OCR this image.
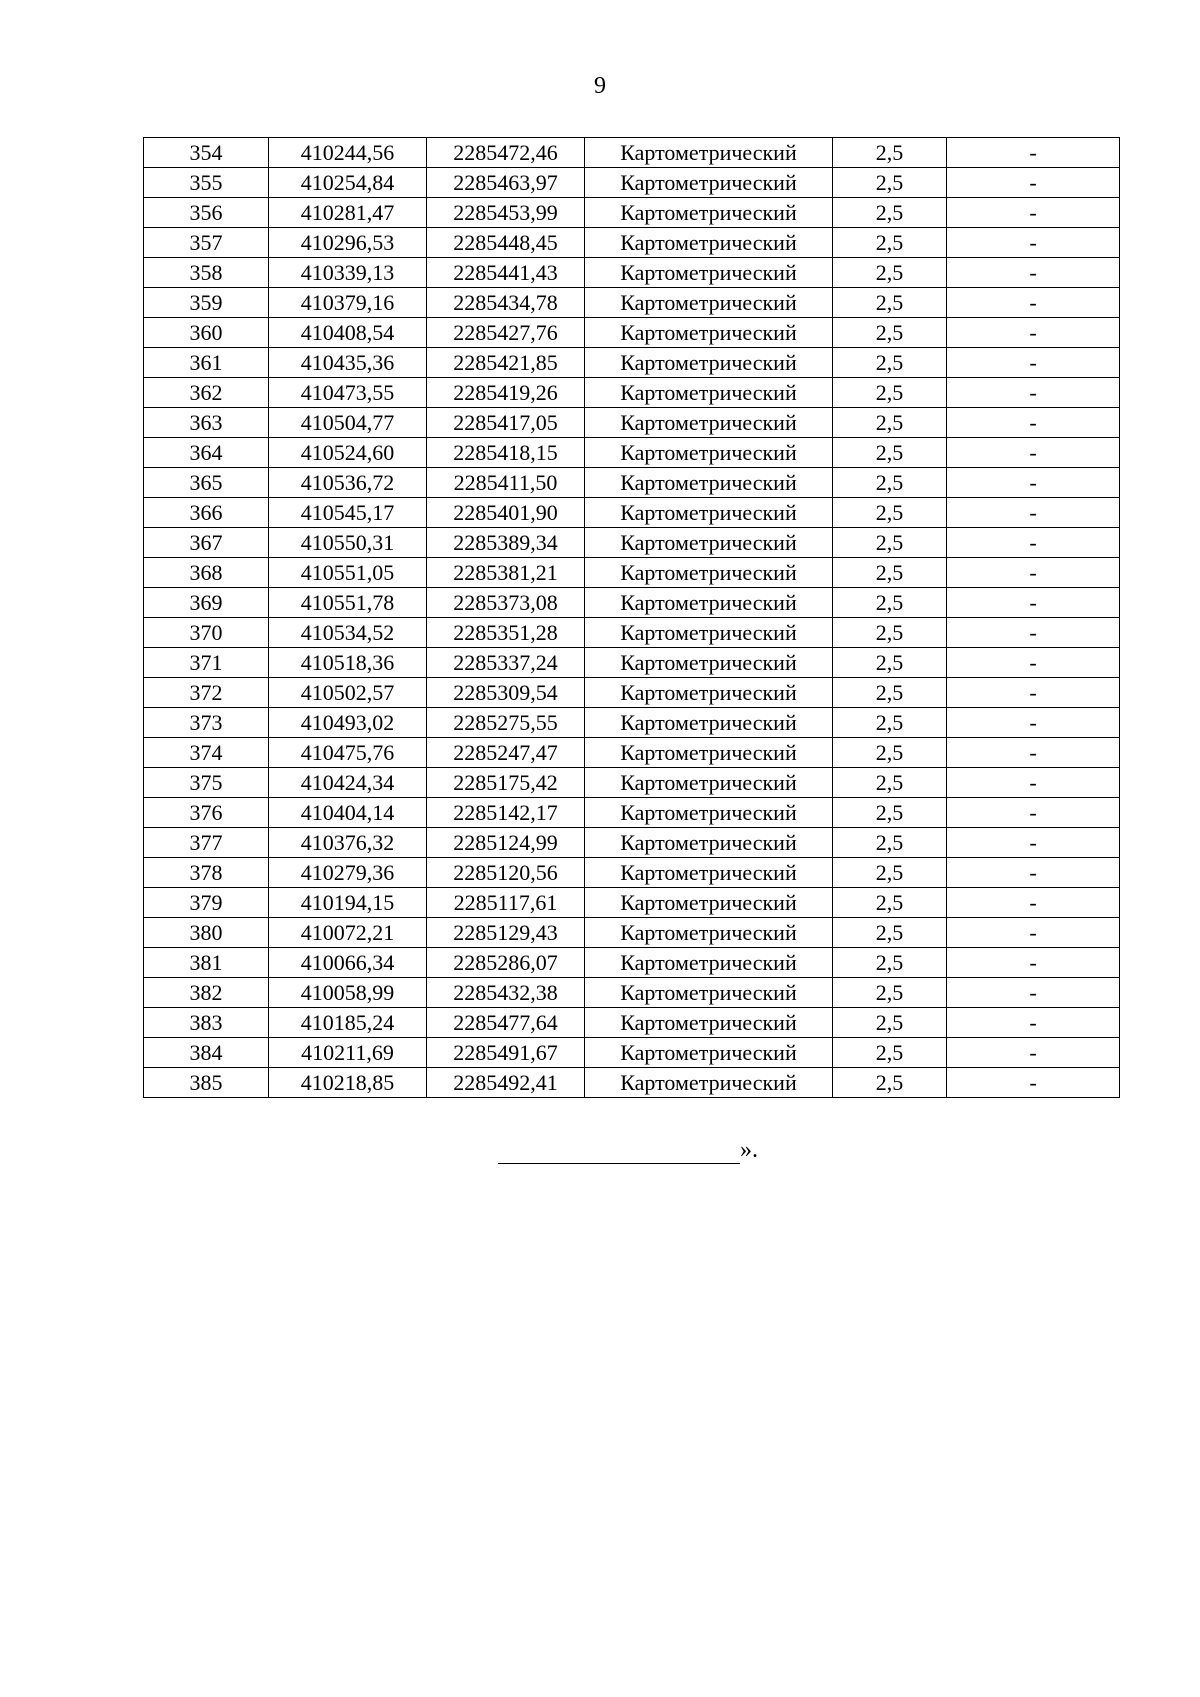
9
354	410244,56	2285472,46	Картометрический	2,5	-
355	410254,84	2285463,97	Картометрический	2,5	-
356	410281,47	2285453,99	Картометрический	2,5	-
357	410296,53	2285448,45	Картометрический	2,5	-
358	410339,13	2285441,43	Картометрический	2,5	-
359	410379,16	2285434,78	Картометрический	2,5	-
360	410408,54	2285427,76	Картометрический	2,5	-
361	410435,36	2285421,85	Картометрический	2,5	-
362	410473,55	2285419,26	Картометрический	2,5	-
363	410504,77	2285417,05	Картометрический	2,5	-
364	410524,60	2285418,15	Картометрический	2,5	-
365	410536,72	2285411,50	Картометрический	2,5	-
366	410545,17	2285401,90	Картометрический	2,5	-
367	410550,31	2285389,34	Картометрический	2,5	-
368	410551,05	2285381,21	Картометрический	2,5	-
369	410551,78	2285373,08	Картометрический	2,5	-
370	410534,52	2285351,28	Картометрический	2,5	-
371	410518,36	2285337,24	Картометрический	2,5	-
372	410502,57	2285309,54	Картометрический	2,5	-
373	410493,02	2285275,55	Картометрический	2,5	-
374	410475,76	2285247,47	Картометрический	2,5	-
375	410424,34	2285175,42	Картометрический	2,5	-
376	410404,14	2285142,17	Картометрический	2,5	-
377	410376,32	2285124,99	Картометрический	2,5	-
378	410279,36	2285120,56	Картометрический	2,5	-
379	410194,15	2285117,61	Картометрический	2,5	-
380	410072,21	2285129,43	Картометрический	2,5	-
381	410066,34	2285286,07	Картометрический	2,5	-
382	410058,99	2285432,38	Картометрический	2,5	-
383	410185,24	2285477,64	Картометрический	2,5	-
384	410211,69	2285491,67	Картометрический	2,5	-
385	410218,85	2285492,41	Картометрический	2,5	-
».
